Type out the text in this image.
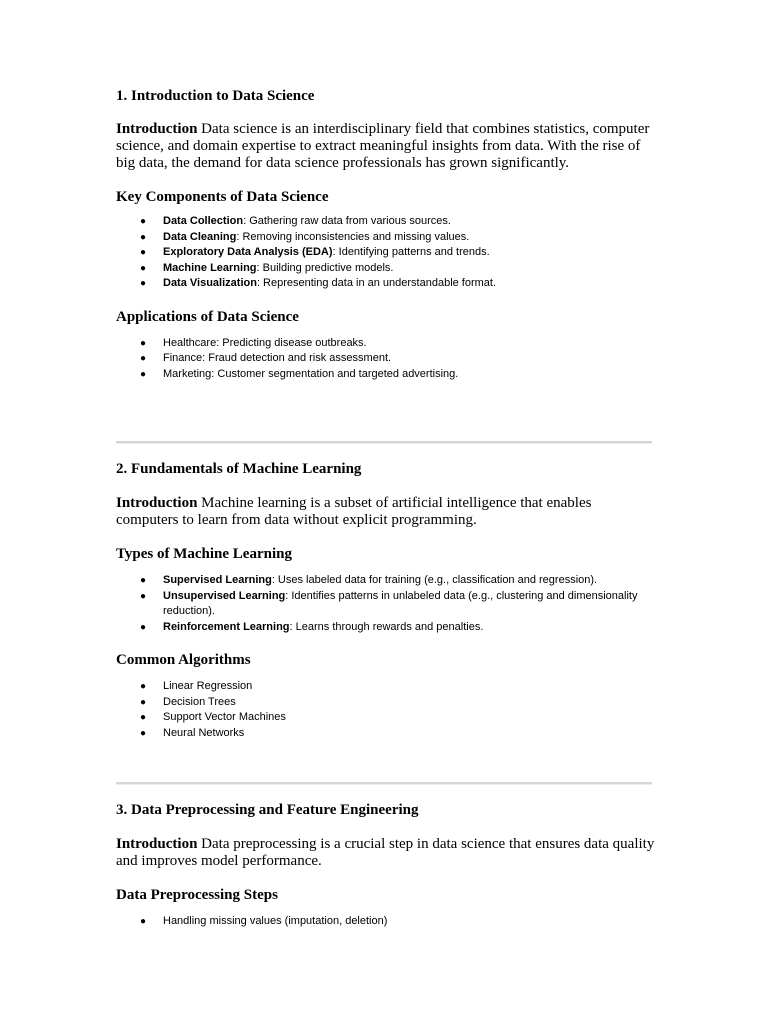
1. Introduction to Data Science

Introduction Data science is an interdisciplinary field that combines statistics, computer science, and domain expertise to extract meaningful insights from data. With the rise of big data, the demand for data science professionals has grown significantly.

Key Components of Data Science
● Data Collection: Gathering raw data from various sources.
● Data Cleaning: Removing inconsistencies and missing values.
● Exploratory Data Analysis (EDA): Identifying patterns and trends.
● Machine Learning: Building predictive models.
● Data Visualization: Representing data in an understandable format.
Applications of Data Science
● Healthcare: Predicting disease outbreaks.
● Finance: Fraud detection and risk assessment.
● Marketing: Customer segmentation and targeted advertising.
2. Fundamentals of Machine Learning

Introduction Machine learning is a subset of artificial intelligence that enables computers to learn from data without explicit programming.

Types of Machine Learning
● Supervised Learning: Uses labeled data for training (e.g., classification and regression).
● Unsupervised Learning: Identifies patterns in unlabeled data (e.g., clustering and dimensionality reduction).
● Reinforcement Learning: Learns through rewards and penalties.
Common Algorithms
● Linear Regression
● Decision Trees
● Support Vector Machines
● Neural Networks
3. Data Preprocessing and Feature Engineering

Introduction Data preprocessing is a crucial step in data science that ensures data quality and improves model performance.

Data Preprocessing Steps
● Handling missing values (imputation, deletion)
